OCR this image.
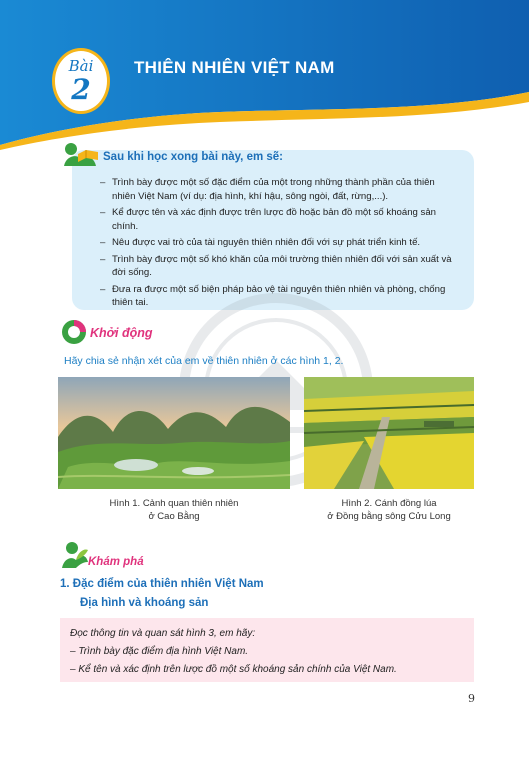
Bài
2
THIÊN NHIÊN VIỆT NAM
– Trình bày được một số đặc điểm của một trong những thành phần của thiên nhiên Việt Nam (ví dụ: địa hình, khí hậu, sông ngòi, đất, rừng,...).
– Kể được tên và xác định được trên lược đồ hoặc bản đồ một số khoáng sản chính.
– Nêu được vai trò của tài nguyên thiên nhiên đối với sự phát triển kinh tế.
– Trình bày được một số khó khăn của môi trường thiên nhiên đối với sản xuất và đời sống.
– Đưa ra được một số biện pháp bảo vệ tài nguyên thiên nhiên và phòng, chống thiên tai.
Sau khi học xong bài này, em sẽ:
Khởi động
Hãy chia sẻ nhận xét của em về thiên nhiên ở các hình 1, 2.
Hình 1. Cảnh quan thiên nhiên
ở Cao Bằng
Hình 2. Cánh đồng lúa
ở Đồng bằng sông Cửu Long
Khám phá
1. Đặc điểm của thiên nhiên Việt Nam
Địa hình và khoáng sản
Đọc thông tin và quan sát hình 3, em hãy:
– Trình bày đặc điểm địa hình Việt Nam.
– Kể tên và xác định trên lược đồ một số khoáng sản chính của Việt Nam.
9
